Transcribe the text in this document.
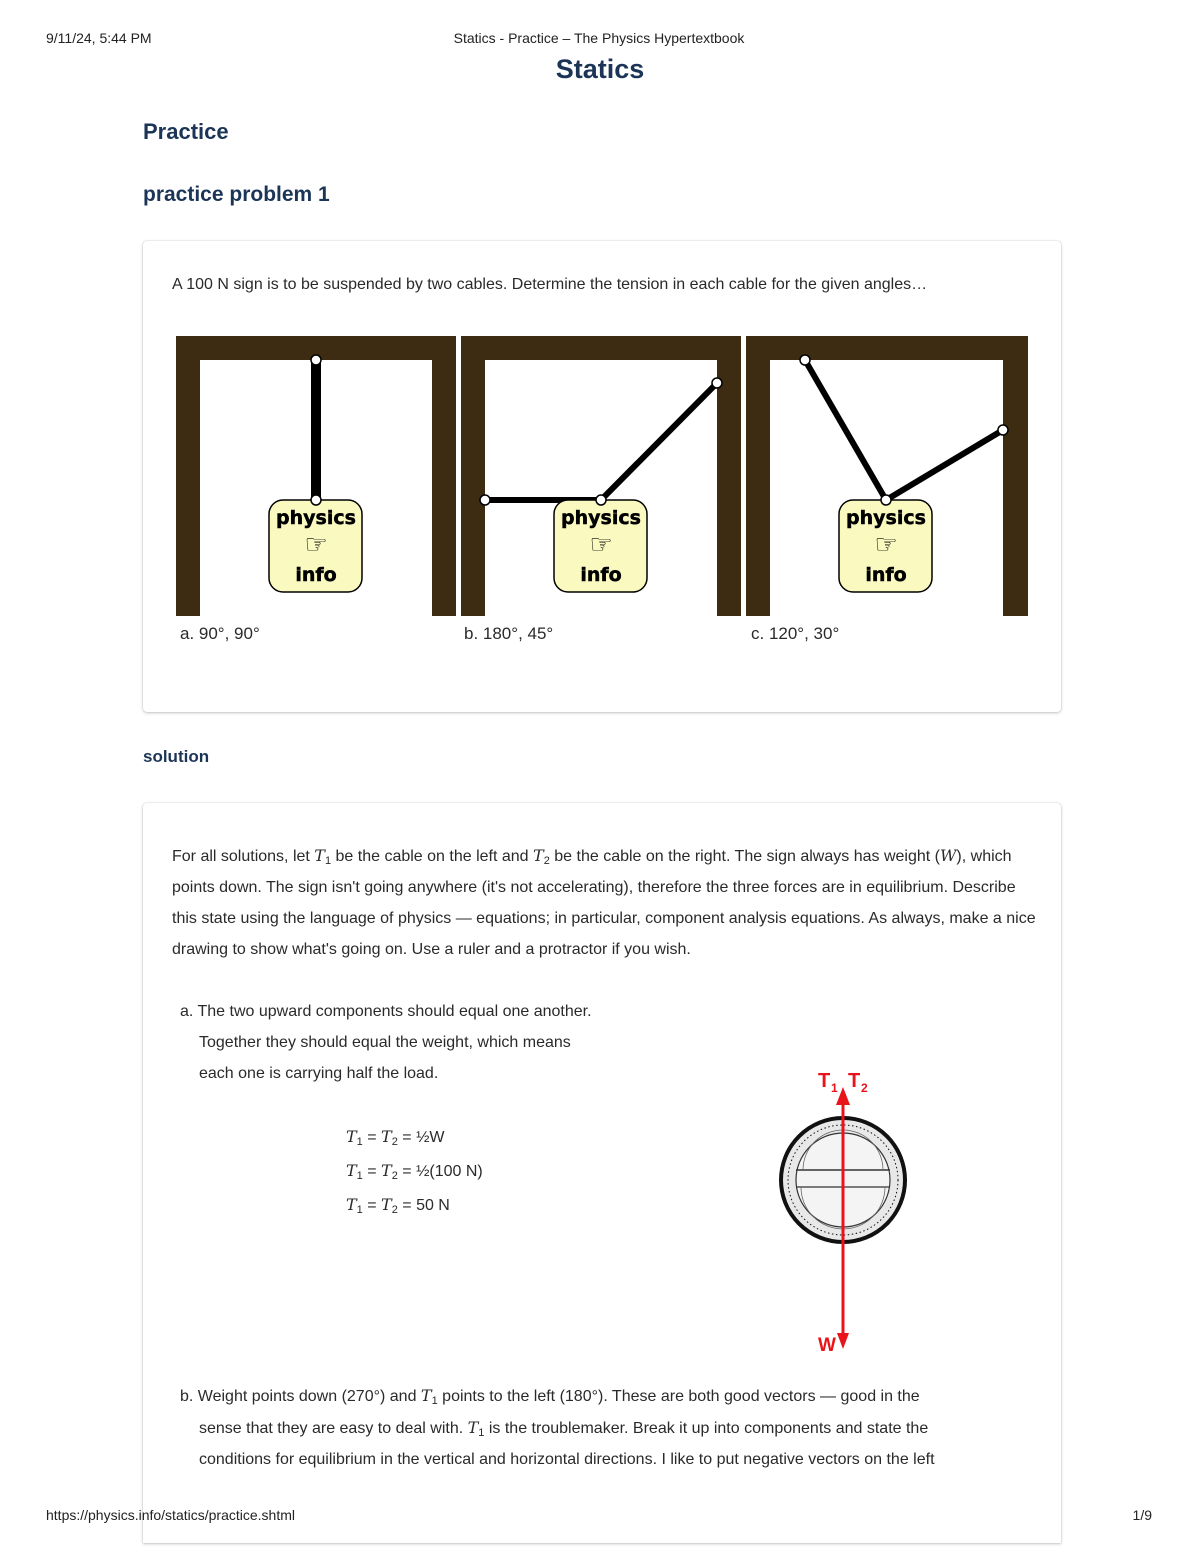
9/11/24, 5:44 PM	Statics - Practice – The Physics Hypertextbook
Statics
Practice
practice problem 1
A 100 N sign is to be suspended by two cables. Determine the tension in each cable for the given angles…
physics
☞
info
physics
☞
info
physics
☞
info
a. 90°, 90°	b. 180°, 45°	c. 120°, 30°
solution

For all solutions, let $T_1$ be the cable on the left and $T_2$ be the cable on the right. The sign always has weight (W), which points down. The sign isn't going anywhere (it's not accelerating), therefore the three forces are in equilibrium. Describe this state using the language of physics — equations; in particular, component analysis equations. As always, make a nice drawing to show what's going on. Use a ruler and a protractor if you wish.

a. The two upward components should equal one another.
Together they should equal the weight, which means
each one is carrying half the load.
$T_1 = T_2$ = ½W
$T_1 = T_2$ = ½(100 N)
$T_1 = T_2 = 50$ N
T 1 T 2
W
b. Weight points down (270°) and $T_1$ points to the left (180°). These are both good vectors — good in the
sense that they are easy to deal with. $T_1$ is the troublemaker. Break it up into components and state the
conditions for equilibrium in the vertical and horizontal directions. I like to put negative vectors on the left
https://physics.info/statics/practice.shtml	1/9
